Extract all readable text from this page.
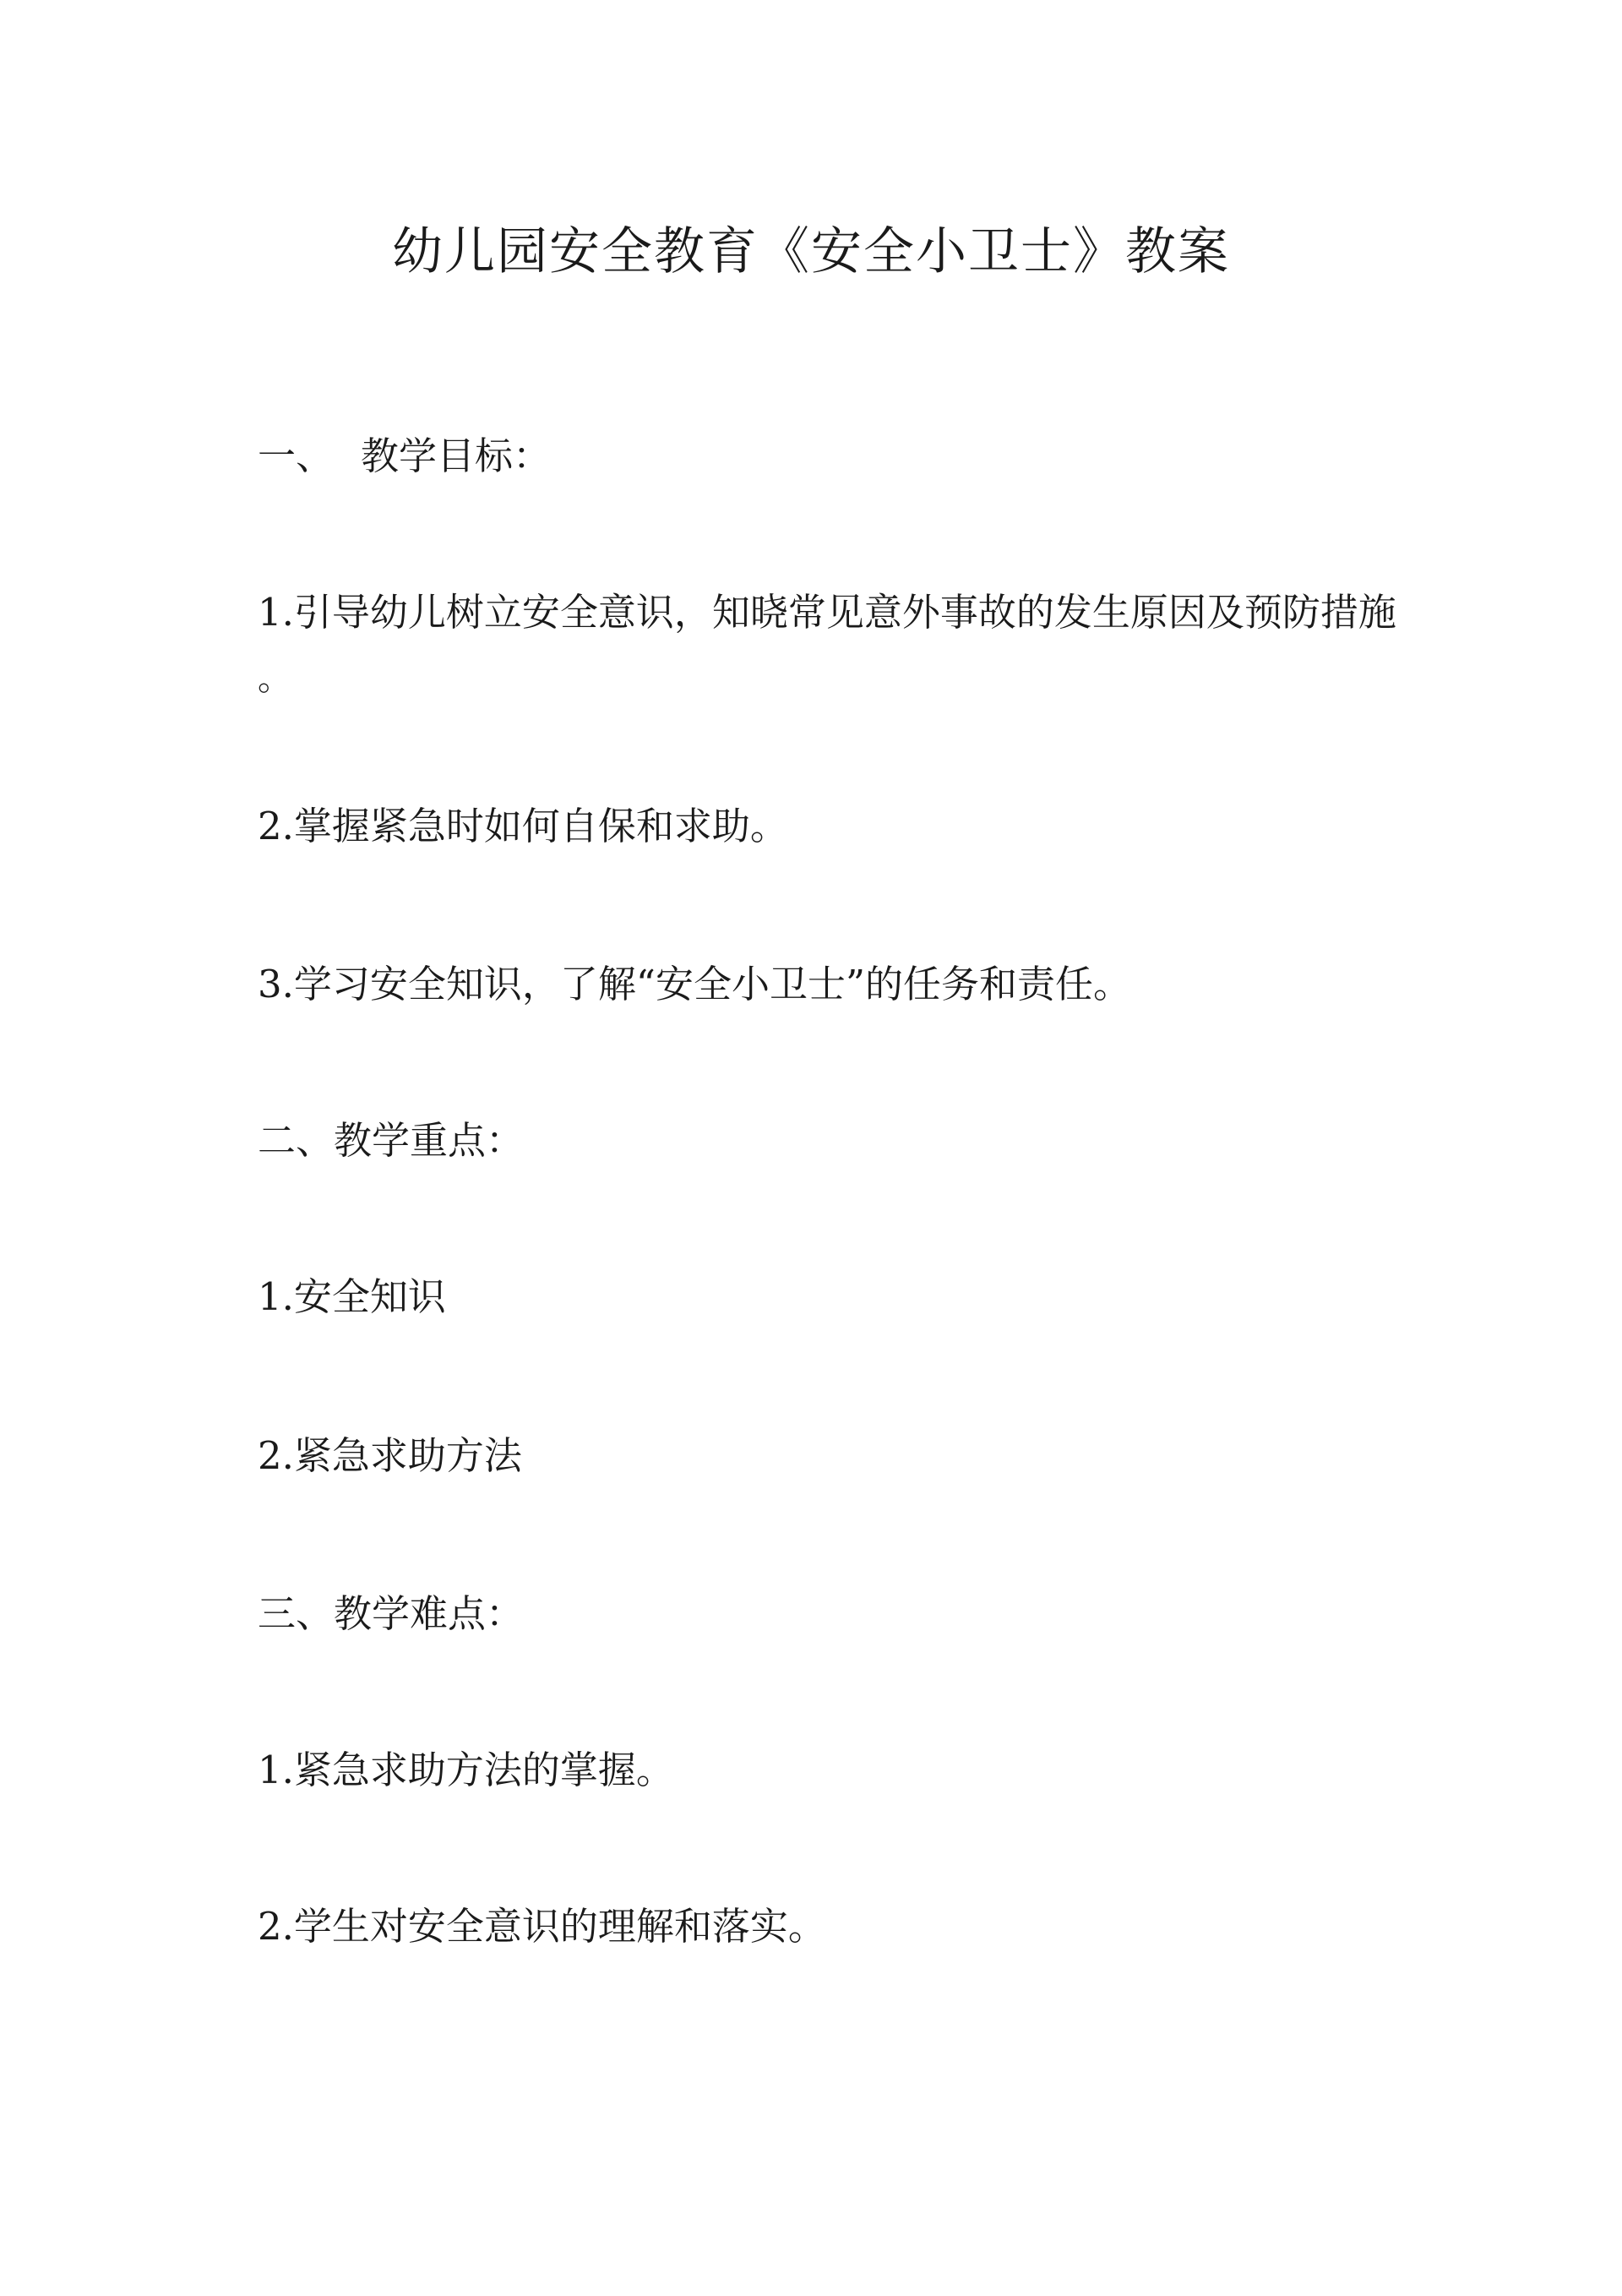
幼儿园安全教育《安全小卫士》教案

一、 教学目标：

1.引导幼儿树立安全意识，知晓常见意外事故的发生原因及预防措施

。

2.掌握紧急时如何自保和求助。

3.学习安全知识，了解“安全小卫士”的任务和责任。

二、教学重点：

1.安全知识

2.紧急求助方法

三、教学难点：

1.紧急求助方法的掌握。

2.学生对安全意识的理解和落实。
